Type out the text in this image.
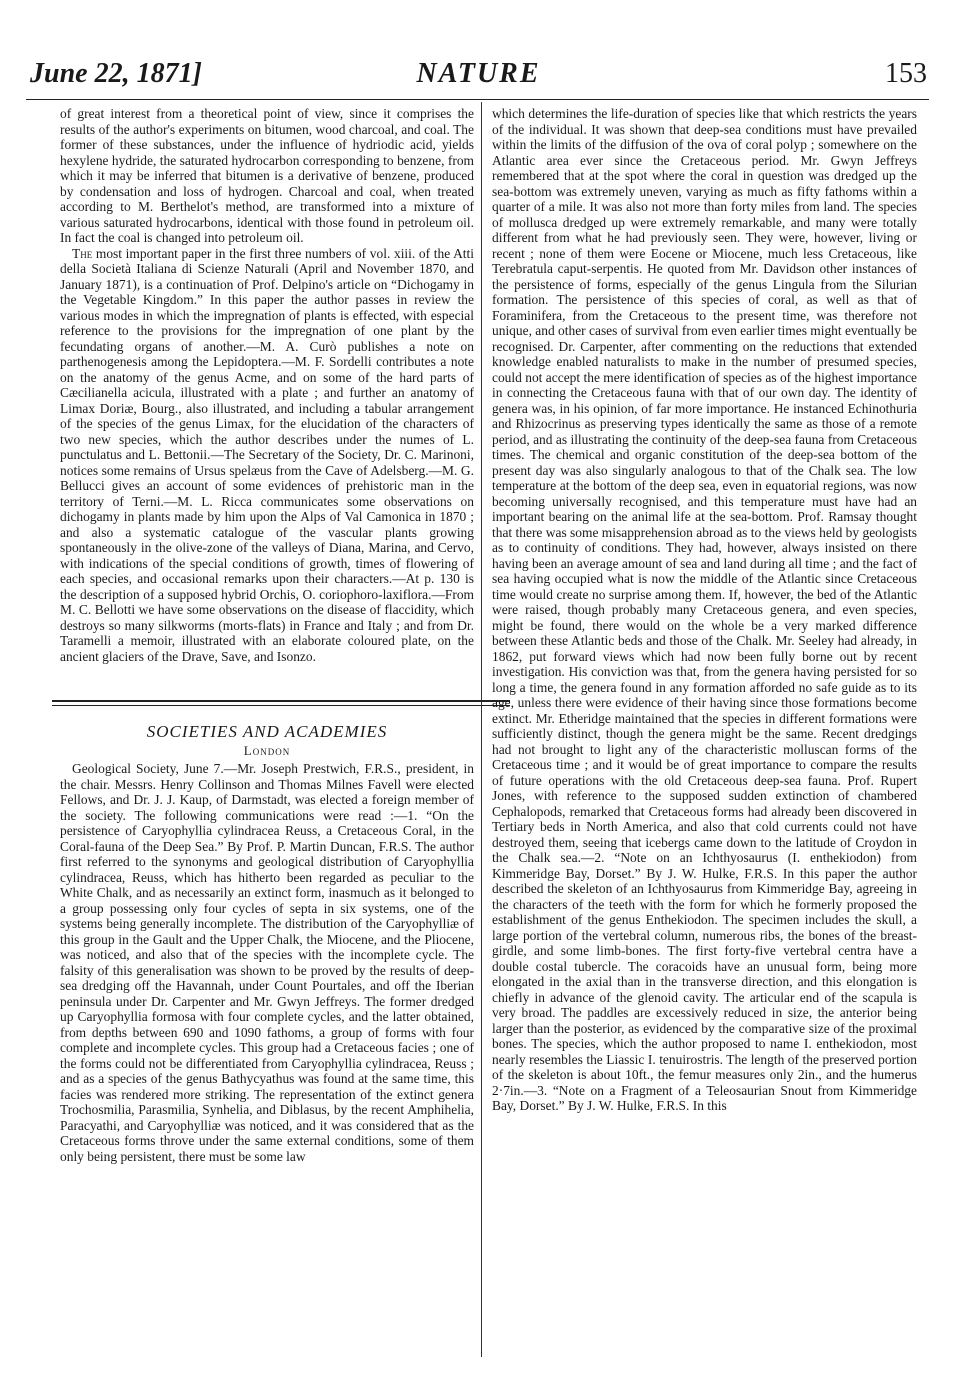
June 22, 1871]	NATURE	153

of great interest from a theoretical point of view, since it comprises the results of the author's experiments on bitumen, wood charcoal, and coal. The former of these substances, under the influence of hydriodic acid, yields hexylene hydride, the saturated hydrocarbon corresponding to benzene, from which it may be inferred that bitumen is a derivative of benzene, produced by condensation and loss of hydrogen. Charcoal and coal, when treated according to M. Berthelot's method, are transformed into a mixture of various saturated hydrocarbons, identical with those found in petroleum oil. In fact the coal is changed into petroleum oil.

The most important paper in the first three numbers of vol. xiii. of the Atti della Società Italiana di Scienze Naturali (April and November 1870, and January 1871), is a continuation of Prof. Delpino's article on “Dichogamy in the Vegetable Kingdom.” In this paper the author passes in review the various modes in which the impregnation of plants is effected, with especial reference to the provisions for the impregnation of one plant by the fecundating organs of another.—M. A. Curò publishes a note on parthenogenesis among the Lepidoptera.—M. F. Sordelli contributes a note on the anatomy of the genus Acme, and on some of the hard parts of Cæcilianella acicula, illustrated with a plate ; and further an anatomy of Limax Doriæ, Bourg., also illustrated, and including a tabular arrangement of the species of the genus Limax, for the elucidation of the characters of two new species, which the author describes under the numes of L. punctulatus and L. Bettonii.—The Secretary of the Society, Dr. C. Marinoni, notices some remains of Ursus spelæus from the Cave of Adelsberg.—M. G. Bellucci gives an account of some evidences of prehistoric man in the territory of Terni.—M. L. Ricca communicates some observations on dichogamy in plants made by him upon the Alps of Val Camonica in 1870 ; and also a systematic catalogue of the vascular plants growing spontaneously in the olive-zone of the valleys of Diana, Marina, and Cervo, with indications of the special conditions of growth, times of flowering of each species, and occasional remarks upon their characters.—At p. 130 is the description of a supposed hybrid Orchis, O. coriophoro-laxiflora.—From M. C. Bellotti we have some observations on the disease of flaccidity, which destroys so many silkworms (morts-flats) in France and Italy ; and from Dr. Taramelli a memoir, illustrated with an elaborate coloured plate, on the ancient glaciers of the Drave, Save, and Isonzo.

SOCIETIES AND ACADEMIES
London

Geological Society, June 7.—Mr. Joseph Prestwich, F.R.S., president, in the chair. Messrs. Henry Collinson and Thomas Milnes Favell were elected Fellows, and Dr. J. J. Kaup, of Darmstadt, was elected a foreign member of the society. The following communications were read :—1. “On the persistence of Caryophyllia cylindracea Reuss, a Cretaceous Coral, in the Coral-fauna of the Deep Sea.” By Prof. P. Martin Duncan, F.R.S. The author first referred to the synonyms and geological distribution of Caryophyllia cylindracea, Reuss, which has hitherto been regarded as peculiar to the White Chalk, and as necessarily an extinct form, inasmuch as it belonged to a group possessing only four cycles of septa in six systems, one of the systems being generally incomplete. The distribution of the Caryophylliæ of this group in the Gault and the Upper Chalk, the Miocene, and the Pliocene, was noticed, and also that of the species with the incomplete cycle. The falsity of this generalisation was shown to be proved by the results of deep-sea dredging off the Havannah, under Count Pourtales, and off the Iberian peninsula under Dr. Carpenter and Mr. Gwyn Jeffreys. The former dredged up Caryophyllia formosa with four complete cycles, and the latter obtained, from depths between 690 and 1090 fathoms, a group of forms with four complete and incomplete cycles. This group had a Cretaceous facies ; one of the forms could not be differentiated from Caryophyllia cylindracea, Reuss ; and as a species of the genus Bathycyathus was found at the same time, this facies was rendered more striking. The representation of the extinct genera Trochosmilia, Parasmilia, Synhelia, and Diblasus, by the recent Amphihelia, Paracyathi, and Caryophylliæ was noticed, and it was considered that as the Cretaceous forms throve under the same external conditions, some of them only being persistent, there must be some law

which determines the life-duration of species like that which restricts the years of the individual. It was shown that deep-sea conditions must have prevailed within the limits of the diffusion of the ova of coral polyp ; somewhere on the Atlantic area ever since the Cretaceous period. Mr. Gwyn Jeffreys remembered that at the spot where the coral in question was dredged up the sea-bottom was extremely uneven, varying as much as fifty fathoms within a quarter of a mile. It was also not more than forty miles from land. The species of mollusca dredged up were extremely remarkable, and many were totally different from what he had previously seen. They were, however, living or recent ; none of them were Eocene or Miocene, much less Cretaceous, like Terebratula caput-serpentis. He quoted from Mr. Davidson other instances of the persistence of forms, especially of the genus Lingula from the Silurian formation. The persistence of this species of coral, as well as that of Foraminifera, from the Cretaceous to the present time, was therefore not unique, and other cases of survival from even earlier times might eventually be recognised. Dr. Carpenter, after commenting on the reductions that extended knowledge enabled naturalists to make in the number of presumed species, could not accept the mere identification of species as of the highest importance in connecting the Cretaceous fauna with that of our own day. The identity of genera was, in his opinion, of far more importance. He instanced Echinothuria and Rhizocrinus as preserving types identically the same as those of a remote period, and as illustrating the continuity of the deep-sea fauna from Cretaceous times. The chemical and organic constitution of the deep-sea bottom of the present day was also singularly analogous to that of the Chalk sea. The low temperature at the bottom of the deep sea, even in equatorial regions, was now becoming universally recognised, and this temperature must have had an important bearing on the animal life at the sea-bottom. Prof. Ramsay thought that there was some misapprehension abroad as to the views held by geologists as to continuity of conditions. They had, however, always insisted on there having been an average amount of sea and land during all time ; and the fact of sea having occupied what is now the middle of the Atlantic since Cretaceous time would create no surprise among them. If, however, the bed of the Atlantic were raised, though probably many Cretaceous genera, and even species, might be found, there would on the whole be a very marked difference between these Atlantic beds and those of the Chalk. Mr. Seeley had already, in 1862, put forward views which had now been fully borne out by recent investigation. His conviction was that, from the genera having persisted for so long a time, the genera found in any formation afforded no safe guide as to its age, unless there were evidence of their having since those formations become extinct. Mr. Etheridge maintained that the species in different formations were sufficiently distinct, though the genera might be the same. Recent dredgings had not brought to light any of the characteristic molluscan forms of the Cretaceous time ; and it would be of great importance to compare the results of future operations with the old Cretaceous deep-sea fauna. Prof. Rupert Jones, with reference to the supposed sudden extinction of chambered Cephalopods, remarked that Cretaceous forms had already been discovered in Tertiary beds in North America, and also that cold currents could not have destroyed them, seeing that icebergs came down to the latitude of Croydon in the Chalk sea.—2. “Note on an Ichthyosaurus (I. enthekiodon) from Kimmeridge Bay, Dorset.” By J. W. Hulke, F.R.S. In this paper the author described the skeleton of an Ichthyosaurus from Kimmeridge Bay, agreeing in the characters of the teeth with the form for which he formerly proposed the establishment of the genus Enthekiodon. The specimen includes the skull, a large portion of the vertebral column, numerous ribs, the bones of the breast-girdle, and some limb-bones. The first forty-five vertebral centra have a double costal tubercle. The coracoids have an unusual form, being more elongated in the axial than in the transverse direction, and this elongation is chiefly in advance of the glenoid cavity. The articular end of the scapula is very broad. The paddles are excessively reduced in size, the anterior being larger than the posterior, as evidenced by the comparative size of the proximal bones. The species, which the author proposed to name I. enthekiodon, most nearly resembles the Liassic I. tenuirostris. The length of the preserved portion of the skeleton is about 10ft., the femur measures only 2in., and the humerus 2·7in.—3. “Note on a Fragment of a Teleosaurian Snout from Kimmeridge Bay, Dorset.” By J. W. Hulke, F.R.S. In this
